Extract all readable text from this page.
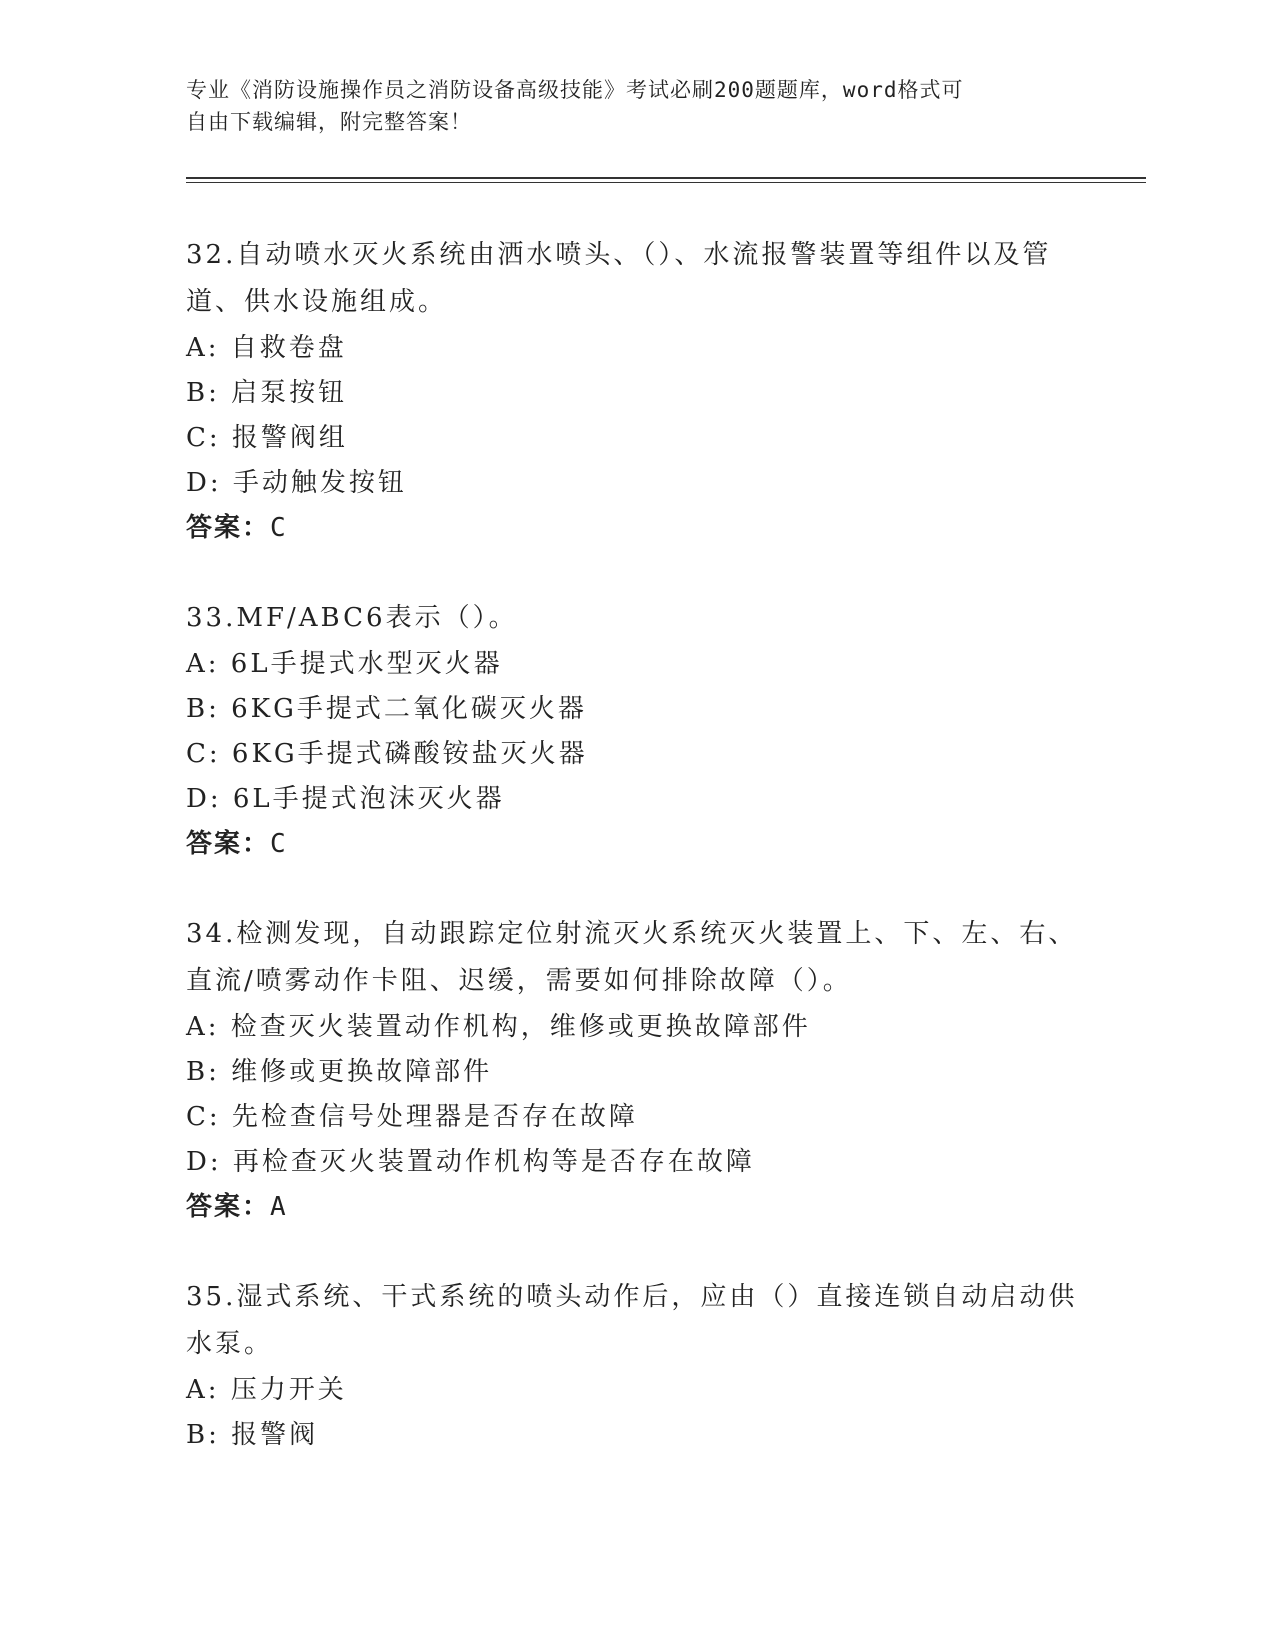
专业《消防设施操作员之消防设备高级技能》考试必刷200题题库，word格式可
自由下载编辑，附完整答案！
32.自动喷水灭火系统由洒水喷头、（）、水流报警装置等组件以及管
道、供水设施组成。
A: 自救卷盘
B: 启泵按钮
C: 报警阀组
D: 手动触发按钮
答案：C
33.MF/ABC6表示（）。
A: 6L手提式水型灭火器
B: 6KG手提式二氧化碳灭火器
C: 6KG手提式磷酸铵盐灭火器
D: 6L手提式泡沫灭火器
答案：C
34.检测发现，自动跟踪定位射流灭火系统灭火装置上、下、左、右、
直流/喷雾动作卡阻、迟缓，需要如何排除故障（）。
A: 检查灭火装置动作机构，维修或更换故障部件
B: 维修或更换故障部件
C: 先检查信号处理器是否存在故障
D: 再检查灭火装置动作机构等是否存在故障
答案：A
35.湿式系统、干式系统的喷头动作后，应由（）直接连锁自动启动供
水泵。
A: 压力开关
B: 报警阀
